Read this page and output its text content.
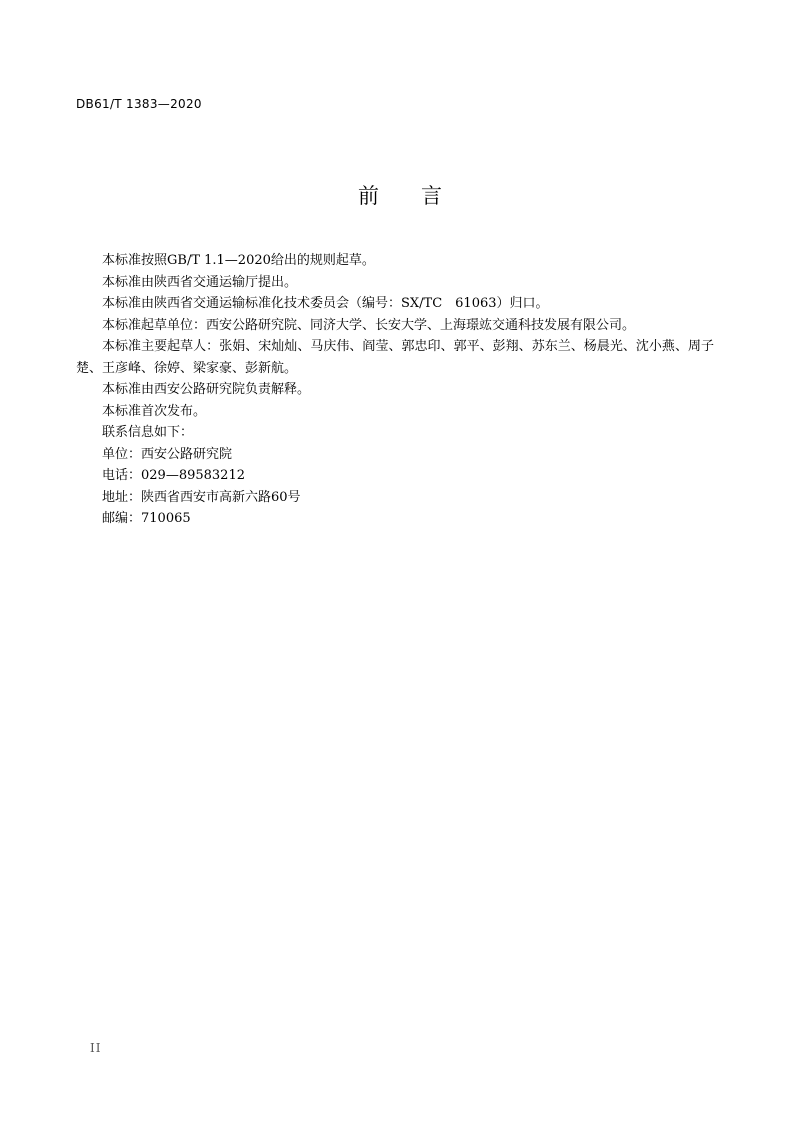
DB61/T 1383—2020
前言

本标准按照GB/T 1.1—2020给出的规则起草。

本标准由陕西省交通运输厅提出。

本标准由陕西省交通运输标准化技术委员会（编号：SX/TC　61063）归口。

本标准起草单位：西安公路研究院、同济大学、长安大学、上海璟竑交通科技发展有限公司。

本标准主要起草人：张娟、宋灿灿、马庆伟、阎莹、郭忠印、郭平、彭翔、苏东兰、杨晨光、沈小燕、周子楚、王彦峰、徐婷、梁家豪、彭新航。

本标准由西安公路研究院负责解释。

本标准首次发布。

联系信息如下：

单位：西安公路研究院

电话：029—89583212

地址：陕西省西安市高新六路60号

邮编：710065

II
